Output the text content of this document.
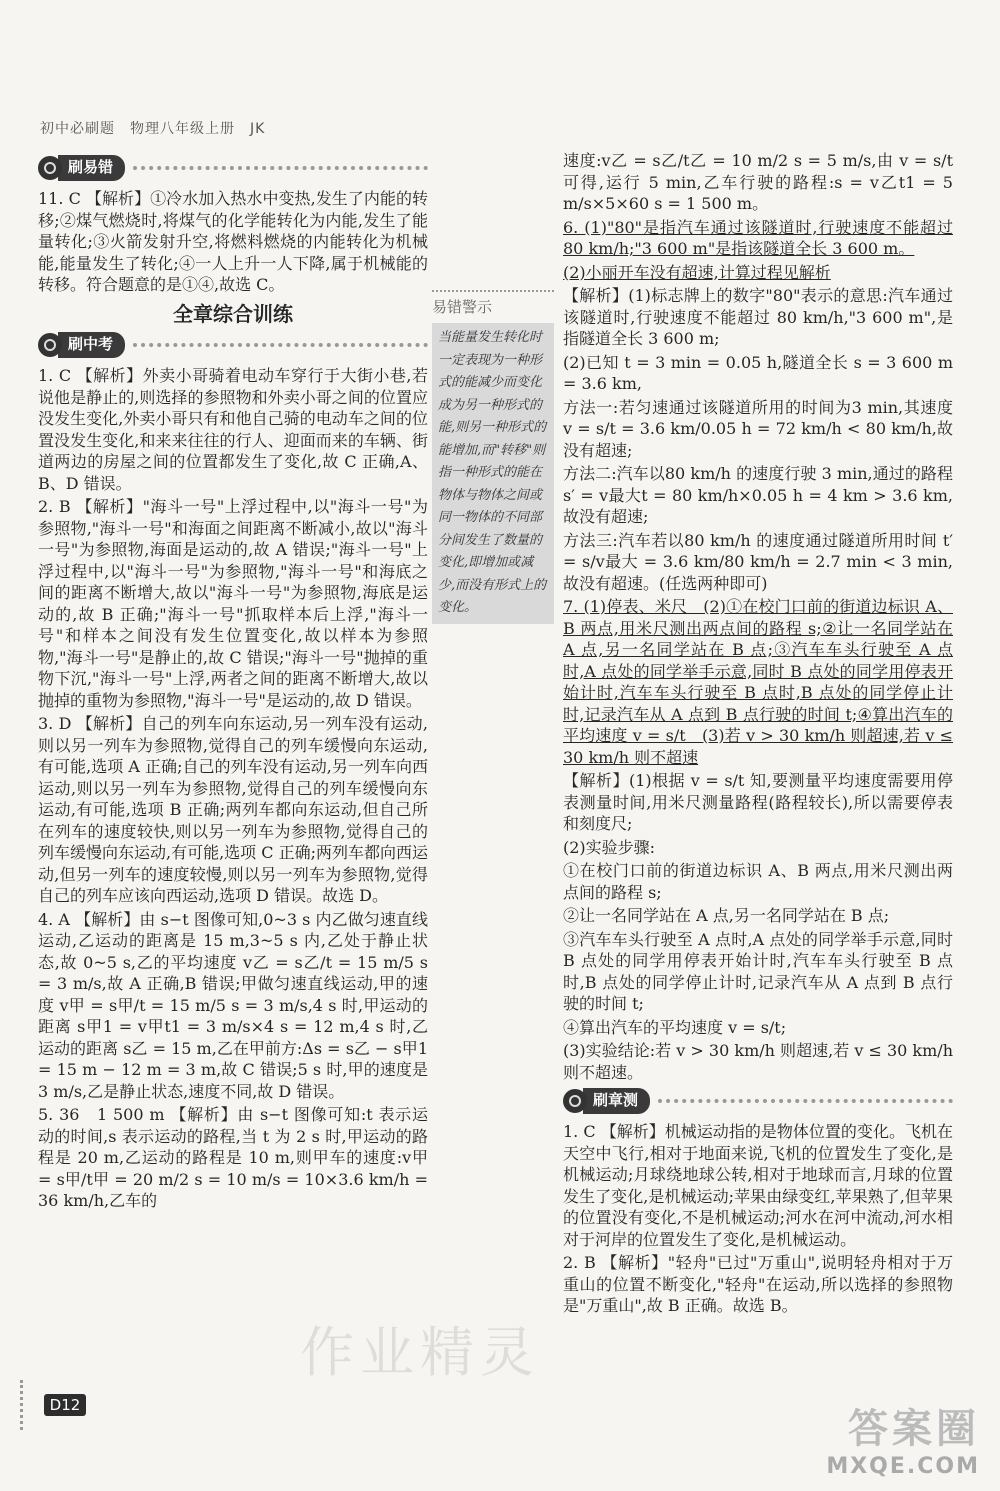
初中必刷题　物理八年级上册　JK
刷易错

11. C 【解析】①冷水加入热水中变热,发生了内能的转移;②煤气燃烧时,将煤气的化学能转化为内能,发生了能量转化;③火箭发射升空,将燃料燃烧的内能转化为机械能,能量发生了转化;④一人上升一人下降,属于机械能的转移。符合题意的是①④,故选 C。

全章综合训练
刷中考

1. C 【解析】外卖小哥骑着电动车穿行于大街小巷,若说他是静止的,则选择的参照物和外卖小哥之间的位置应没发生变化,外卖小哥只有和他自己骑的电动车之间的位置没发生变化,和来来往往的行人、迎面而来的车辆、街道两边的房屋之间的位置都发生了变化,故 C 正确,A、B、D 错误。

2. B 【解析】"海斗一号"上浮过程中,以"海斗一号"为参照物,"海斗一号"和海面之间距离不断减小,故以"海斗一号"为参照物,海面是运动的,故 A 错误;"海斗一号"上浮过程中,以"海斗一号"为参照物,"海斗一号"和海底之间的距离不断增大,故以"海斗一号"为参照物,海底是运动的,故 B 正确;"海斗一号"抓取样本后上浮,"海斗一号"和样本之间没有发生位置变化,故以样本为参照物,"海斗一号"是静止的,故 C 错误;"海斗一号"抛掉的重物下沉,"海斗一号"上浮,两者之间的距离不断增大,故以抛掉的重物为参照物,"海斗一号"是运动的,故 D 错误。

3. D 【解析】自己的列车向东运动,另一列车没有运动,则以另一列车为参照物,觉得自己的列车缓慢向东运动,有可能,选项 A 正确;自己的列车没有运动,另一列车向西运动,则以另一列车为参照物,觉得自己的列车缓慢向东运动,有可能,选项 B 正确;两列车都向东运动,但自己所在列车的速度较快,则以另一列车为参照物,觉得自己的列车缓慢向东运动,有可能,选项 C 正确;两列车都向西运动,但另一列车的速度较慢,则以另一列车为参照物,觉得自己的列车应该向西运动,选项 D 错误。故选 D。

4. A 【解析】由 s−t 图像可知,0~3 s 内乙做匀速直线运动,乙运动的距离是 15 m,3~5 s 内,乙处于静止状态,故 0~5 s,乙的平均速度 v乙 = s乙/t = 15 m/5 s = 3 m/s,故 A 正确,B 错误;甲做匀速直线运动,甲的速度 v甲 = s甲/t = 15 m/5 s = 3 m/s,4 s 时,甲运动的距离 s甲1 = v甲t1 = 3 m/s×4 s = 12 m,4 s 时,乙运动的距离 s乙 = 15 m,乙在甲前方:Δs = s乙 − s甲1 = 15 m − 12 m = 3 m,故 C 错误;5 s 时,甲的速度是 3 m/s,乙是静止状态,速度不同,故 D 错误。

5. 36　1 500 m 【解析】由 s−t 图像可知:t 表示运动的时间,s 表示运动的路程,当 t 为 2 s 时,甲运动的路程是 20 m,乙运动的路程是 10 m,则甲车的速度:v甲 = s甲/t甲 = 20 m/2 s = 10 m/s = 10×3.6 km/h = 36 km/h,乙车的

易错警示
当能量发生转化时一定表现为一种形式的能减少而变化成为另一种形式的能,则另一种形式的能增加,而"转移"则指一种形式的能在物体与物体之间或同一物体的不同部分间发生了数量的变化,即增加或减少,而没有形式上的变化。

速度:v乙 = s乙/t乙 = 10 m/2 s = 5 m/s,由 v = s/t 可得,运行 5 min,乙车行驶的路程:s = v乙t1 = 5 m/s×5×60 s = 1 500 m。

6. (1)"80"是指汽车通过该隧道时,行驶速度不能超过 80 km/h;"3 600 m"是指该隧道全长 3 600 m。

(2)小丽开车没有超速,计算过程见解析

【解析】(1)标志牌上的数字"80"表示的意思:汽车通过该隧道时,行驶速度不能超过 80 km/h,"3 600 m",是指隧道全长 3 600 m;

(2)已知 t = 3 min = 0.05 h,隧道全长 s = 3 600 m = 3.6 km,

方法一:若匀速通过该隧道所用的时间为3 min,其速度 v = s/t = 3.6 km/0.05 h = 72 km/h < 80 km/h,故没有超速;

方法二:汽车以80 km/h 的速度行驶 3 min,通过的路程 s′ = v最大t = 80 km/h×0.05 h = 4 km > 3.6 km,故没有超速;

方法三:汽车若以80 km/h 的速度通过隧道所用时间 t′ = s/v最大 = 3.6 km/80 km/h = 2.7 min < 3 min,故没有超速。(任选两种即可)

7. (1)停表、米尺　(2)①在校门口前的街道边标识 A、B 两点,用米尺测出两点间的路程 s;②让一名同学站在 A 点,另一名同学站在 B 点;③汽车车头行驶至 A 点时,A 点处的同学举手示意,同时 B 点处的同学用停表开始计时,汽车车头行驶至 B 点时,B 点处的同学停止计时,记录汽车从 A 点到 B 点行驶的时间 t;④算出汽车的平均速度 v = s/t　(3)若 v > 30 km/h 则超速,若 v ≤ 30 km/h 则不超速

【解析】(1)根据 v = s/t 知,要测量平均速度需要用停表测量时间,用米尺测量路程(路程较长),所以需要停表和刻度尺;

(2)实验步骤:

①在校门口前的街道边标识 A、B 两点,用米尺测出两点间的路程 s;

②让一名同学站在 A 点,另一名同学站在 B 点;

③汽车车头行驶至 A 点时,A 点处的同学举手示意,同时 B 点处的同学用停表开始计时,汽车车头行驶至 B 点时,B 点处的同学停止计时,记录汽车从 A 点到 B 点行驶的时间 t;

④算出汽车的平均速度 v = s/t;

(3)实验结论:若 v > 30 km/h 则超速,若 v ≤ 30 km/h 则不超速。

刷章测

1. C 【解析】机械运动指的是物体位置的变化。飞机在天空中飞行,相对于地面来说,飞机的位置发生了变化,是机械运动;月球绕地球公转,相对于地球而言,月球的位置发生了变化,是机械运动;苹果由绿变红,苹果熟了,但苹果的位置没有变化,不是机械运动;河水在河中流动,河水相对于河岸的位置发生了变化,是机械运动。

2. B 【解析】"轻舟"已过"万重山",说明轻舟相对于万重山的位置不断变化,"轻舟"在运动,所以选择的参照物是"万重山",故 B 正确。故选 B。

作业精灵
D12
答案圈
MXQE.COM
